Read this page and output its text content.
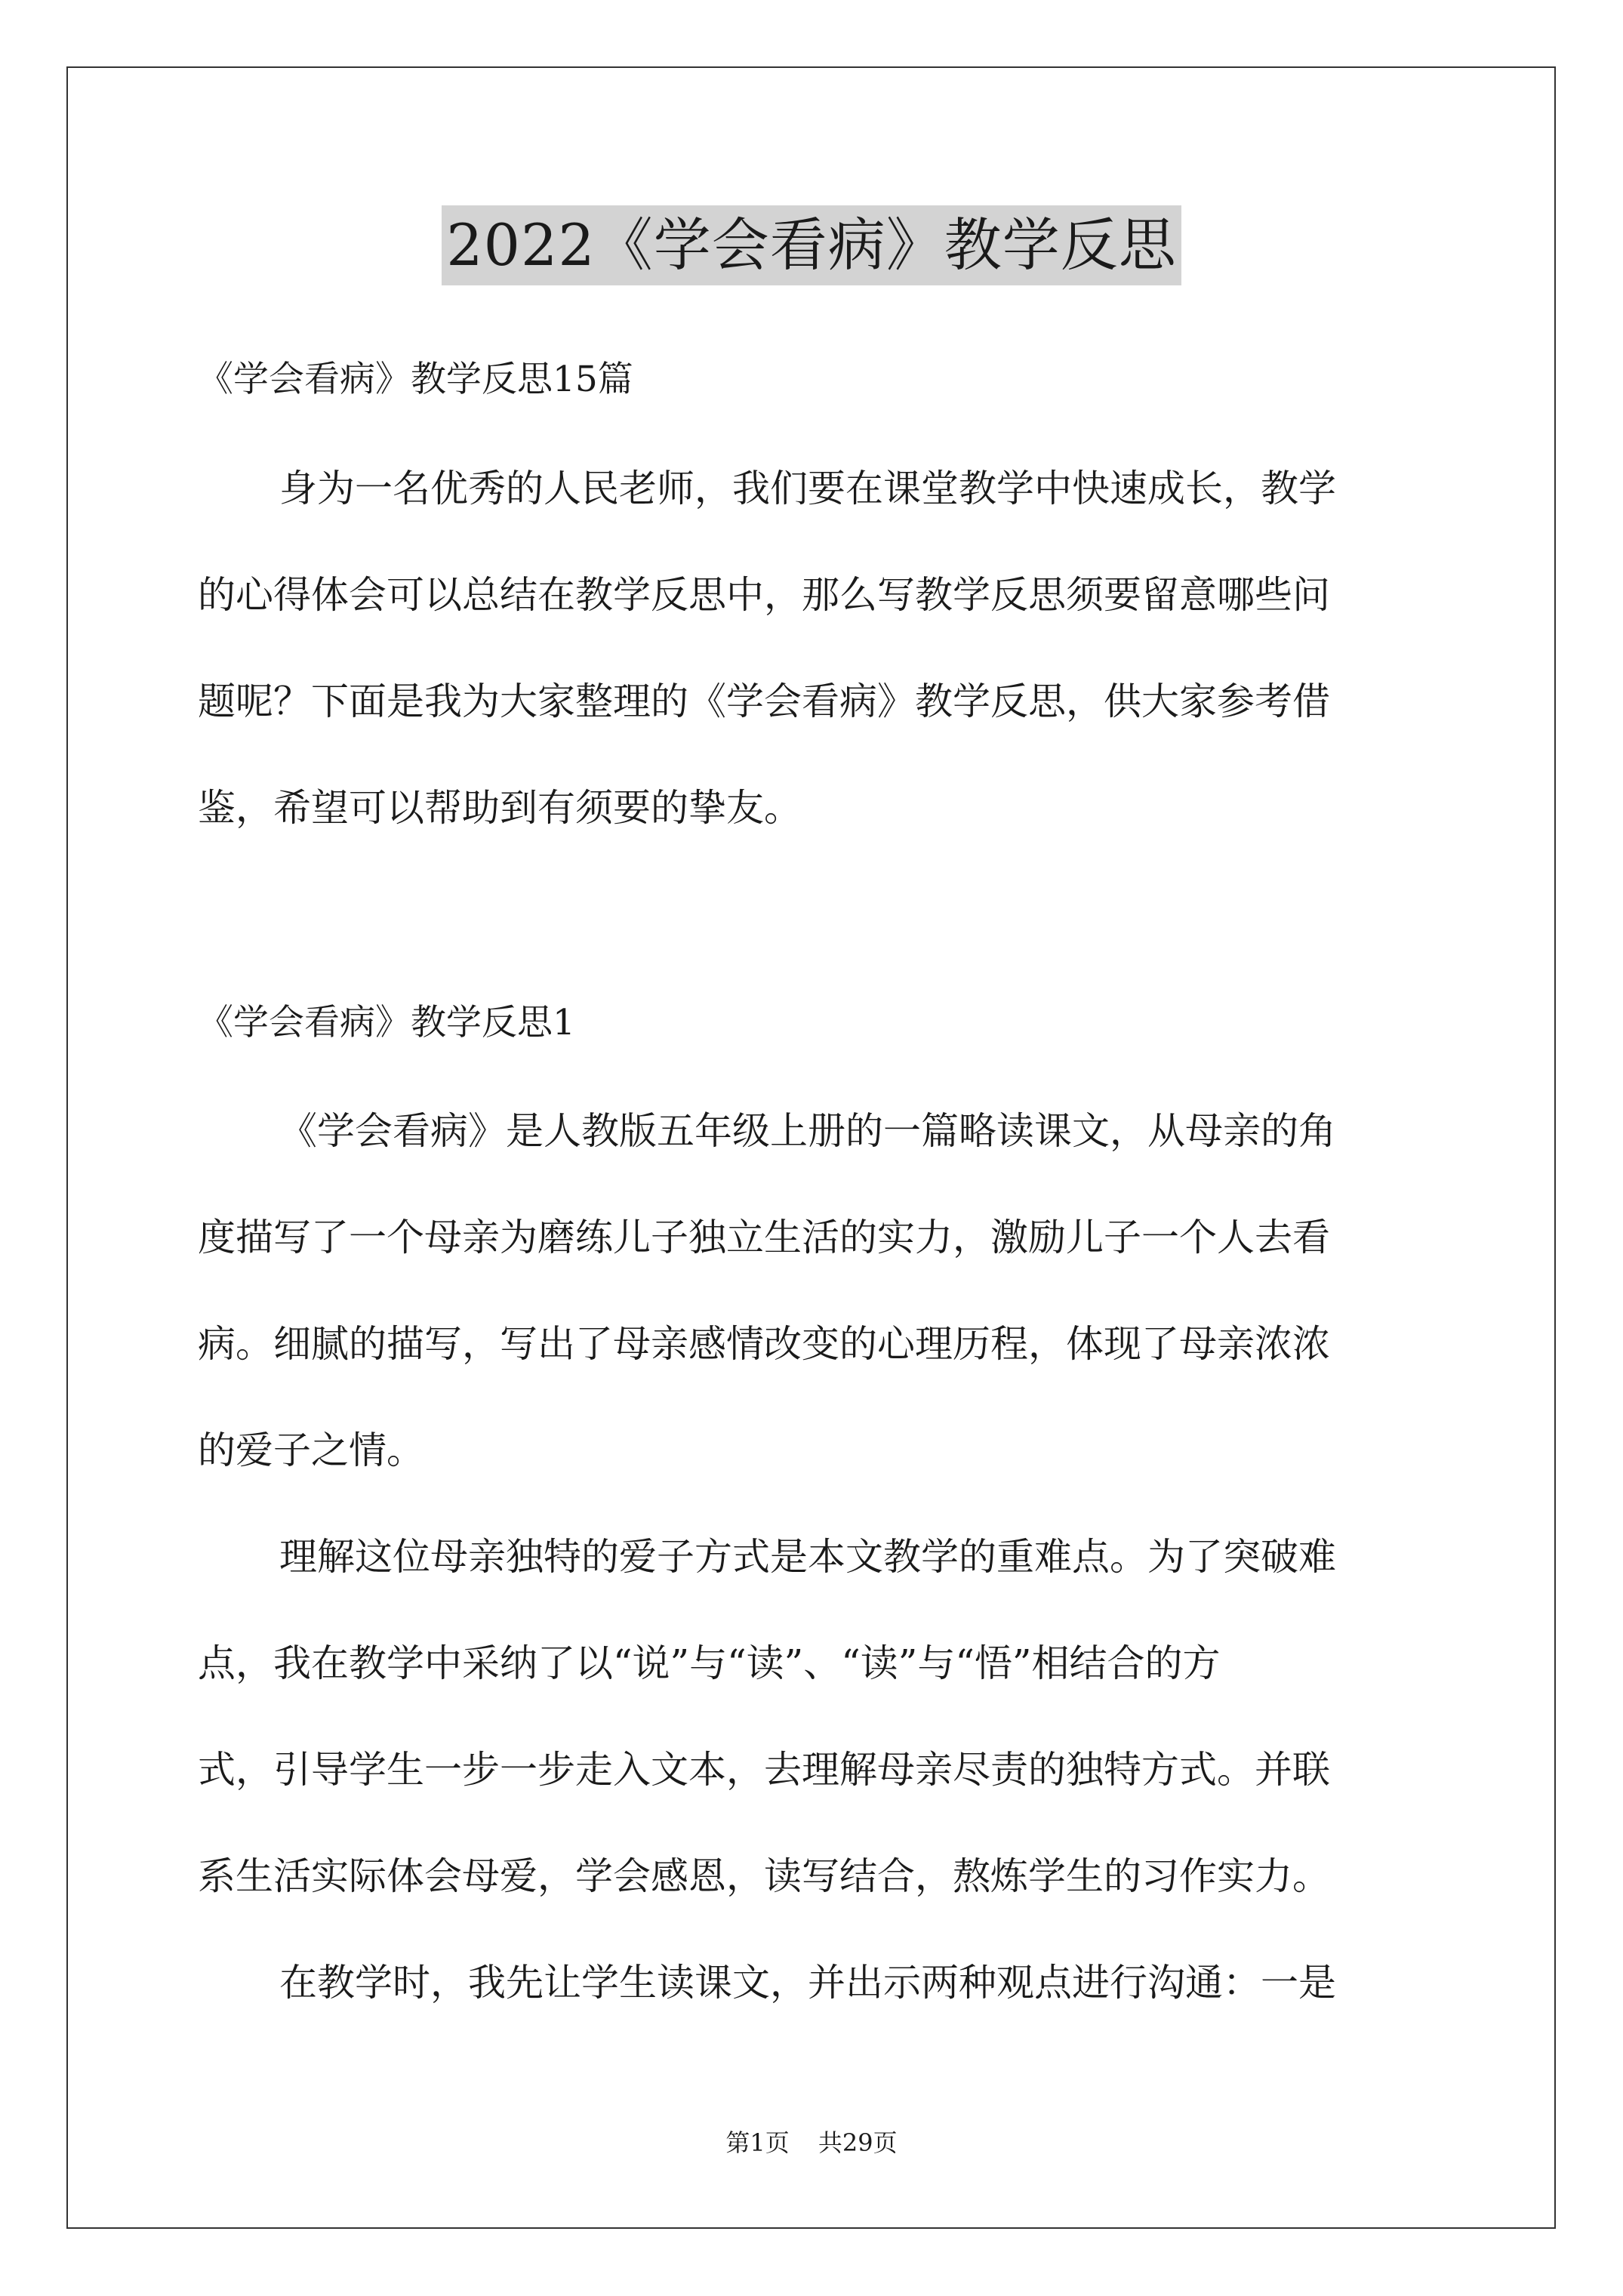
2022《学会看病》教学反思
《学会看病》教学反思15篇
身为一名优秀的人民老师，我们要在课堂教学中快速成长，教学
的心得体会可以总结在教学反思中，那么写教学反思须要留意哪些问
题呢？下面是我为大家整理的《学会看病》教学反思，供大家参考借
鉴，希望可以帮助到有须要的挚友。
《学会看病》教学反思1
《学会看病》是人教版五年级上册的一篇略读课文，从母亲的角
度描写了一个母亲为磨练儿子独立生活的实力，激励儿子一个人去看
病。细腻的描写，写出了母亲感情改变的心理历程，体现了母亲浓浓
的爱子之情。
理解这位母亲独特的爱子方式是本文教学的重难点。为了突破难
点，我在教学中采纳了以“说”与“读”、“读”与“悟”相结合的方
式，引导学生一步一步走入文本，去理解母亲尽责的独特方式。并联
系生活实际体会母爱，学会感恩，读写结合，熬炼学生的习作实力。
在教学时，我先让学生读课文，并出示两种观点进行沟通：一是
第1页 共29页
